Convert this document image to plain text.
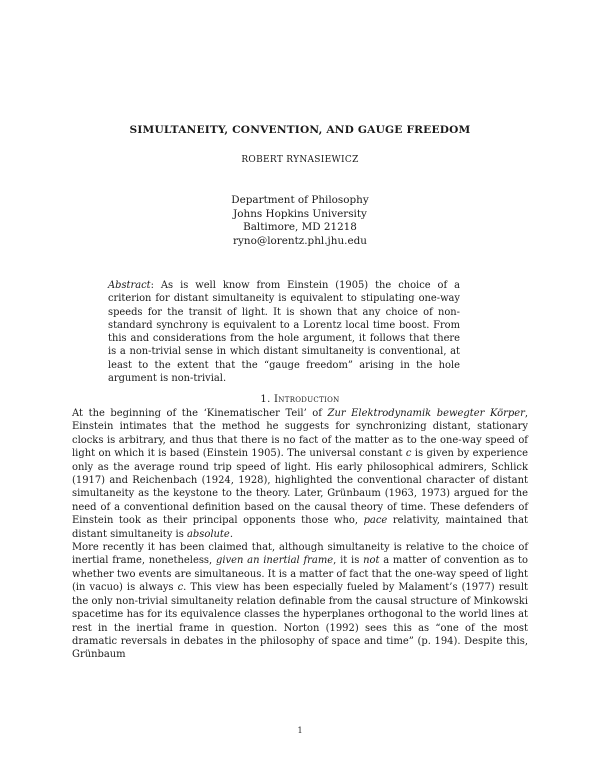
SIMULTANEITY, CONVENTION, AND GAUGE FREEDOM
ROBERT RYNASIEWICZ
Department of Philosophy
Johns Hopkins University
Baltimore, MD 21218
ryno@lorentz.phl.jhu.edu
Abstract: As is well know from Einstein (1905) the choice of a criterion for distant simultaneity is equivalent to stipulating one-way speeds for the transit of light. It is shown that any choice of non-standard synchrony is equivalent to a Lorentz local time boost. From this and considerations from the hole argument, it follows that there is a non-trivial sense in which distant simultaneity is conventional, at least to the extent that the “gauge freedom” arising in the hole argument is non-trivial.
1. Introduction

At the beginning of the ‘Kinematischer Teil’ of Zur Elektrodynamik bewegter Körper, Einstein intimates that the method he suggests for synchronizing distant, stationary clocks is arbitrary, and thus that there is no fact of the matter as to the one-way speed of light on which it is based (Einstein 1905). The universal constant c is given by experience only as the average round trip speed of light. His early philosophical admirers, Schlick (1917) and Reichenbach (1924, 1928), highlighted the conventional character of distant simultaneity as the keystone to the theory. Later, Grünbaum (1963, 1973) argued for the need of a conventional definition based on the causal theory of time. These defenders of Einstein took as their principal opponents those who, pace relativity, maintained that distant simultaneity is absolute.

More recently it has been claimed that, although simultaneity is relative to the choice of inertial frame, nonetheless, given an inertial frame, it is not a matter of convention as to whether two events are simultaneous. It is a matter of fact that the one-way speed of light (in vacuo) is always c. This view has been especially fueled by Malament’s (1977) result the only non-trivial simultaneity relation definable from the causal structure of Minkowski spacetime has for its equivalence classes the hyperplanes orthogonal to the world lines at rest in the inertial frame in question. Norton (1992) sees this as “one of the most dramatic reversals in debates in the philosophy of space and time” (p. 194). Despite this, Grünbaum

1
